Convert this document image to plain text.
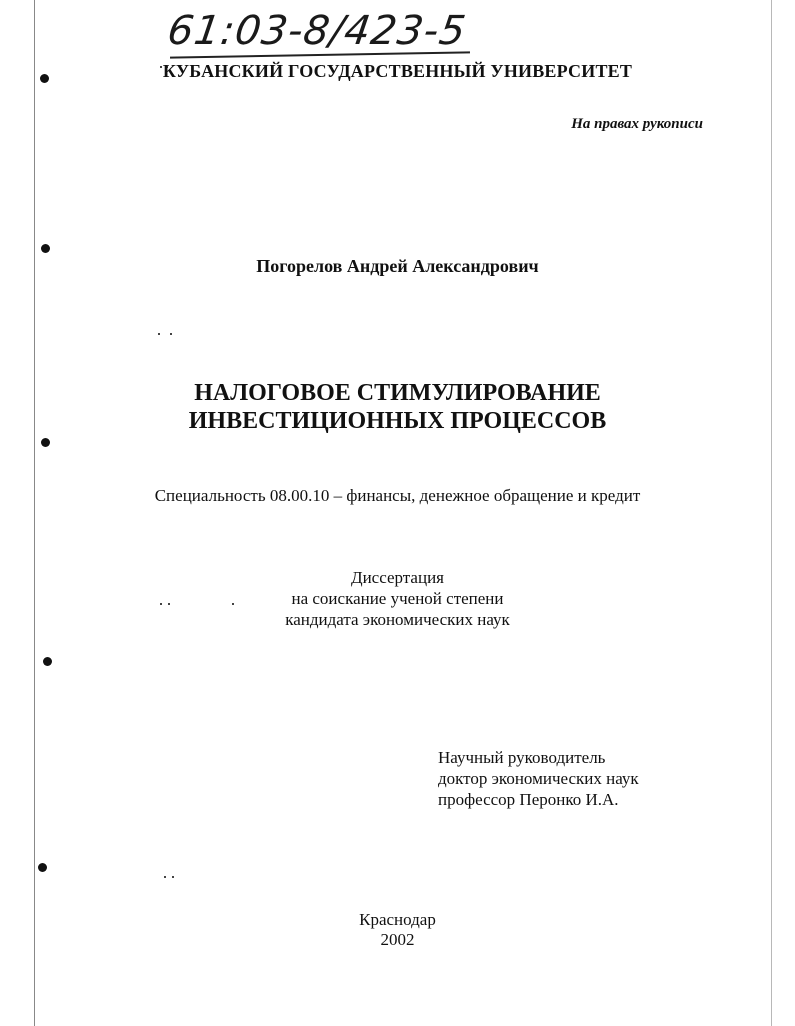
61:03-8/423-5
КУБАНСКИЙ ГОСУДАРСТВЕННЫЙ УНИВЕРСИТЕТ
На правах рукописи
Погорелов Андрей Александрович
НАЛОГОВОЕ СТИМУЛИРОВАНИЕ
ИНВЕСТИЦИОННЫХ ПРОЦЕССОВ
Специальность 08.00.10 – финансы, денежное обращение и кредит
Диссертация
на соискание ученой степени
кандидата экономических наук
Научный руководитель
доктор экономических наук
профессор Перонко И.А.
Краснодар
2002
